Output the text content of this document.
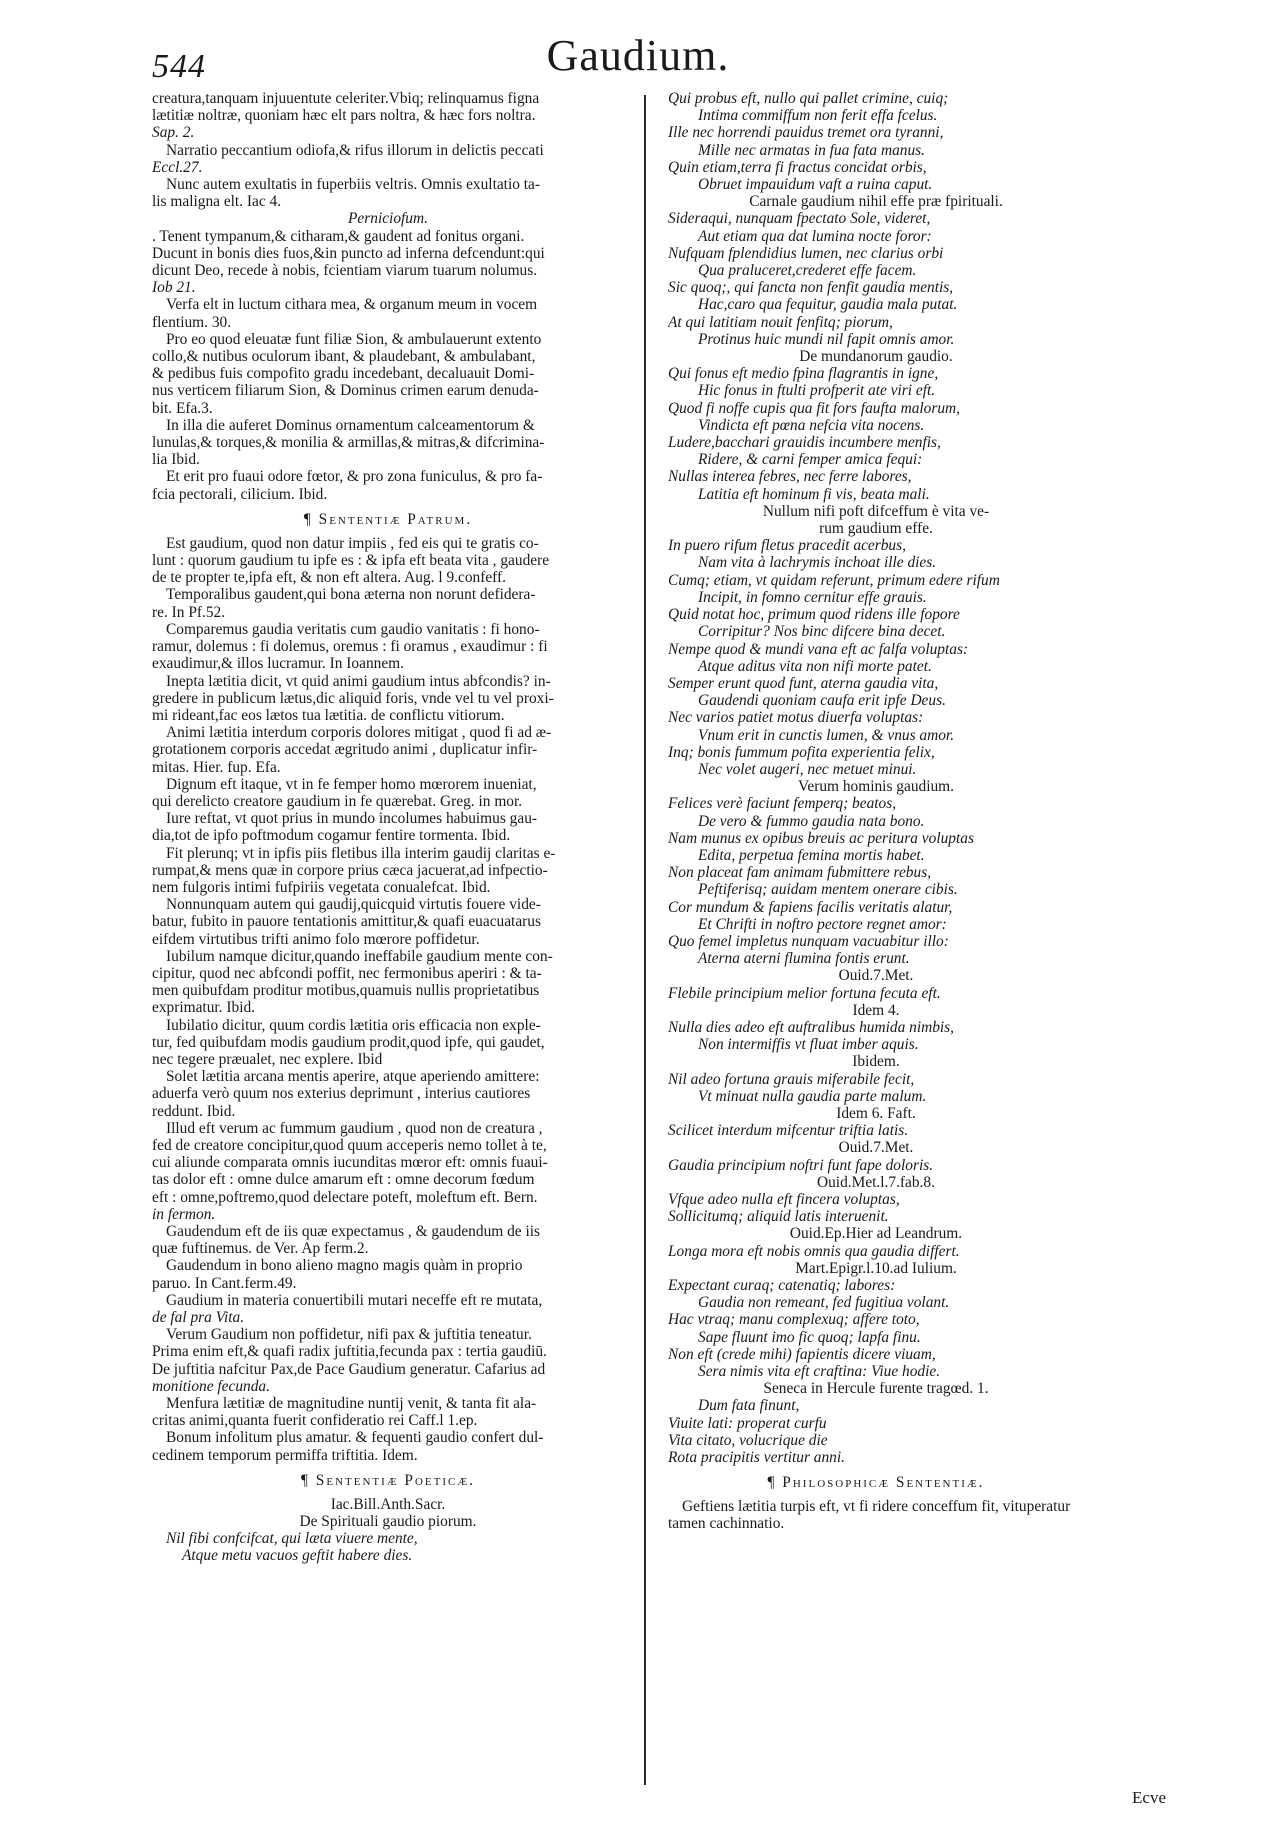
544	Gaudium.
creatura,tanquam injuuentute celeriter.Vbiq; relinquamus figna
lætitiæ noltræ, quoniam hæc elt pars noltra, & hæc fors noltra.
Sap. 2.
Narratio peccantium odiofa,& rifus illorum in delictis peccati
Eccl.27.
Nunc autem exultatis in fuperbiis veltris. Omnis exultatio ta-
lis maligna elt. Iac 4.
Perniciofum.
. Tenent tympanum,& citharam,& gaudent ad fonitus organi.
Ducunt in bonis dies fuos,&in puncto ad inferna defcendunt:qui
dicunt Deo, recede à nobis, fcientiam viarum tuarum nolumus.
Iob 21.
Verfa elt in luctum cithara mea, & organum meum in vocem
flentium. 30.
Pro eo quod eleuatæ funt filiæ Sion, & ambulauerunt extento
collo,& nutibus oculorum ibant, & plaudebant, & ambulabant,
& pedibus fuis compofito gradu incedebant, decaluauit Domi-
nus verticem filiarum Sion, & Dominus crimen earum denuda-
bit. Efa.3.
In illa die auferet Dominus ornamentum calceamentorum &
lunulas,& torques,& monilia & armillas,& mitras,& difcrimina-
lia Ibid.
Et erit pro fuaui odore fœtor, & pro zona funiculus, & pro fa-
fcia pectorali, cilicium. Ibid.
¶ Sententiæ Patrum.
Est gaudium, quod non datur impiis , fed eis qui te gratis co-
lunt : quorum gaudium tu ipfe es : & ipfa eft beata vita , gaudere
de te propter te,ipfa eft, & non eft altera. Aug. l 9.confeff.
Temporalibus gaudent,qui bona æterna non norunt defidera-
re. In Pf.52.
Comparemus gaudia veritatis cum gaudio vanitatis : fi hono-
ramur, dolemus : fi dolemus, oremus : fi oramus , exaudimur : fi
exaudimur,& illos lucramur. In Ioannem.
Inepta lætitia dicit, vt quid animi gaudium intus abfcondis? in-
gredere in publicum lætus,dic aliquid foris, vnde vel tu vel proxi-
mi rideant,fac eos lætos tua lætitia. de conflictu vitiorum.
Animi lætitia interdum corporis dolores mitigat , quod fi ad æ-
grotationem corporis accedat ægritudo animi , duplicatur infir-
mitas. Hier. fup. Efa.
Dignum eft itaque, vt in fe femper homo mœrorem inueniat,
qui derelicto creatore gaudium in fe quærebat. Greg. in mor.
Iure reftat, vt quot prius in mundo incolumes habuimus gau-
dia,tot de ipfo poftmodum cogamur fentire tormenta. Ibid.
Fit plerunq; vt in ipfis piis fletibus illa interim gaudij claritas e-
rumpat,& mens quæ in corpore prius cæca jacuerat,ad infpectio-
nem fulgoris intimi fufpiriis vegetata conualefcat. Ibid.
Nonnunquam autem qui gaudij,quicquid virtutis fouere vide-
batur, fubito in pauore tentationis amittitur,& quafi euacuatarus
eifdem virtutibus trifti animo folo mœrore poffidetur.
Iubilum namque dicitur,quando ineffabile gaudium mente con-
cipitur, quod nec abfcondi poffit, nec fermonibus aperiri : & ta-
men quibufdam proditur motibus,quamuis nullis proprietatibus
exprimatur. Ibid.
Iubilatio dicitur, quum cordis lætitia oris efficacia non exple-
tur, fed quibufdam modis gaudium prodit,quod ipfe, qui gaudet,
nec tegere præualet, nec explere. Ibid
Solet lætitia arcana mentis aperire, atque aperiendo amittere:
aduerfa verò quum nos exterius deprimunt , interius cautiores
reddunt. Ibid.
Illud eft verum ac fummum gaudium , quod non de creatura ,
fed de creatore concipitur,quod quum acceperis nemo tollet à te,
cui aliunde comparata omnis iucunditas mœror eft: omnis fuaui-
tas dolor eft : omne dulce amarum eft : omne decorum fœdum
eft : omne,poftremo,quod delectare poteft, moleftum eft. Bern.
in fermon.
Gaudendum eft de iis quæ expectamus , & gaudendum de iis
quæ fuftinemus. de Ver. Ap ferm.2.
Gaudendum in bono alieno magno magis quàm in proprio
paruo. In Cant.ferm.49.
Gaudium in materia conuertibili mutari neceffe eft re mutata,
de fal pra Vita.
Verum Gaudium non poffidetur, nifi pax & juftitia teneatur.
Prima enim eft,& quafi radix juftitia,fecunda pax : tertia gaudiū.
De juftitia nafcitur Pax,de Pace Gaudium generatur. Cafarius ad
monitione fecunda.
Menfura lætitiæ de magnitudine nuntij venit, & tanta fit ala-
critas animi,quanta fuerit confideratio rei Caff.l 1.ep.
Bonum infolitum plus amatur. & fequenti gaudio confert dul-
cedinem temporum permiffa triftitia. Idem.
¶ Sententiæ Poeticæ.
Iac.Bill.Anth.Sacr.
De Spirituali gaudio piorum.
Nil fibi confcifcat, qui læta viuere mente,
Atque metu vacuos geftit habere dies.
Qui probus eft, nullo qui pallet crimine, cuiq;
Intima commiffum non ferit effa fcelus.
Ille nec horrendi pauidus tremet ora tyranni,
Mille nec armatas in fua fata manus.
Quin etiam,terra fi fractus concidat orbis,
Obruet impauidum vaft a ruina caput.
Carnale gaudium nihil effe præ fpirituali.
Sideraqui, nunquam fpectato Sole, videret,
Aut etiam qua dat lumina nocte foror:
Nufquam fplendidius lumen, nec clarius orbi
Qua praluceret,crederet effe facem.
Sic quoq;, qui fancta non fenfit gaudia mentis,
Hac,caro qua fequitur, gaudia mala putat.
At qui latitiam nouit fenfitq; piorum,
Protinus huic mundi nil fapit omnis amor.
De mundanorum gaudio.
Qui fonus eft medio fpina flagrantis in igne,
Hic fonus in ftulti profperit ate viri eft.
Quod fi noffe cupis qua fit fors faufta malorum,
Vindicta eft pœna nefcia vita nocens.
Ludere,bacchari grauidis incumbere menfis,
Ridere, & carni femper amica fequi:
Nullas interea febres, nec ferre labores,
Latitia eft hominum fi vis, beata mali.
Nullum nifi poft difceffum è vita ve-
rum gaudium effe.
In puero rifum fletus pracedit acerbus,
Nam vita à lachrymis inchoat ille dies.
Cumq; etiam, vt quidam referunt, primum edere rifum
Incipit, in fomno cernitur effe grauis.
Quid notat hoc, primum quod ridens ille fopore
Corripitur? Nos binc difcere bina decet.
Nempe quod & mundi vana eft ac falfa voluptas:
Atque aditus vita non nifi morte patet.
Semper erunt quod funt, aterna gaudia vita,
Gaudendi quoniam caufa erit ipfe Deus.
Nec varios patiet motus diuerfa voluptas:
Vnum erit in cunctis lumen, & vnus amor.
Inq; bonis fummum pofita experientia felix,
Nec volet augeri, nec metuet minui.
Verum hominis gaudium.
Felices verè faciunt femperq; beatos,
De vero & fummo gaudia nata bono.
Nam munus ex opibus breuis ac peritura voluptas
Edita, perpetua femina mortis habet.
Non placeat fam animam fubmittere rebus,
Peftiferisq; auidam mentem onerare cibis.
Cor mundum & fapiens facilis veritatis alatur,
Et Chrifti in noftro pectore regnet amor:
Quo femel impletus nunquam vacuabitur illo:
Aterna aterni flumina fontis erunt.
Ouid.7.Met.
Flebile principium melior fortuna fecuta eft.
Idem 4.
Nulla dies adeo eft auftralibus humida nimbis,
Non intermiffis vt fluat imber aquis.
Ibidem.
Nil adeo fortuna grauis miferabile fecit,
Vt minuat nulla gaudia parte malum.
Idem 6. Faft.
Scilicet interdum mifcentur triftia latis.
Ouid.7.Met.
Gaudia principium noftri funt fape doloris.
Ouid.Met.l.7.fab.8.
Vfque adeo nulla eft fincera voluptas,
Sollicitumq; aliquid latis interuenit.
Ouid.Ep.Hier ad Leandrum.
Longa mora eft nobis omnis qua gaudia differt.
Mart.Epigr.l.10.ad Iulium.
Expectant curaq; catenatiq; labores:
Gaudia non remeant, fed fugitiua volant.
Hac vtraq; manu complexuq; affere toto,
Sape fluunt imo fic quoq; lapfa finu.
Non eft (crede mihi) fapientis dicere viuam,
Sera nimis vita eft craftina: Viue hodie.
Seneca in Hercule furente tragœd. 1.
Dum fata finunt,
Viuite lati: properat curfu
Vita citato, volucrique die
Rota pracipitis vertitur anni.
¶ Philosophicæ Sententiæ.
Geftiens lætitia turpis eft, vt fi ridere conceffum fit, vituperatur
tamen cachinnatio.
Ecve
